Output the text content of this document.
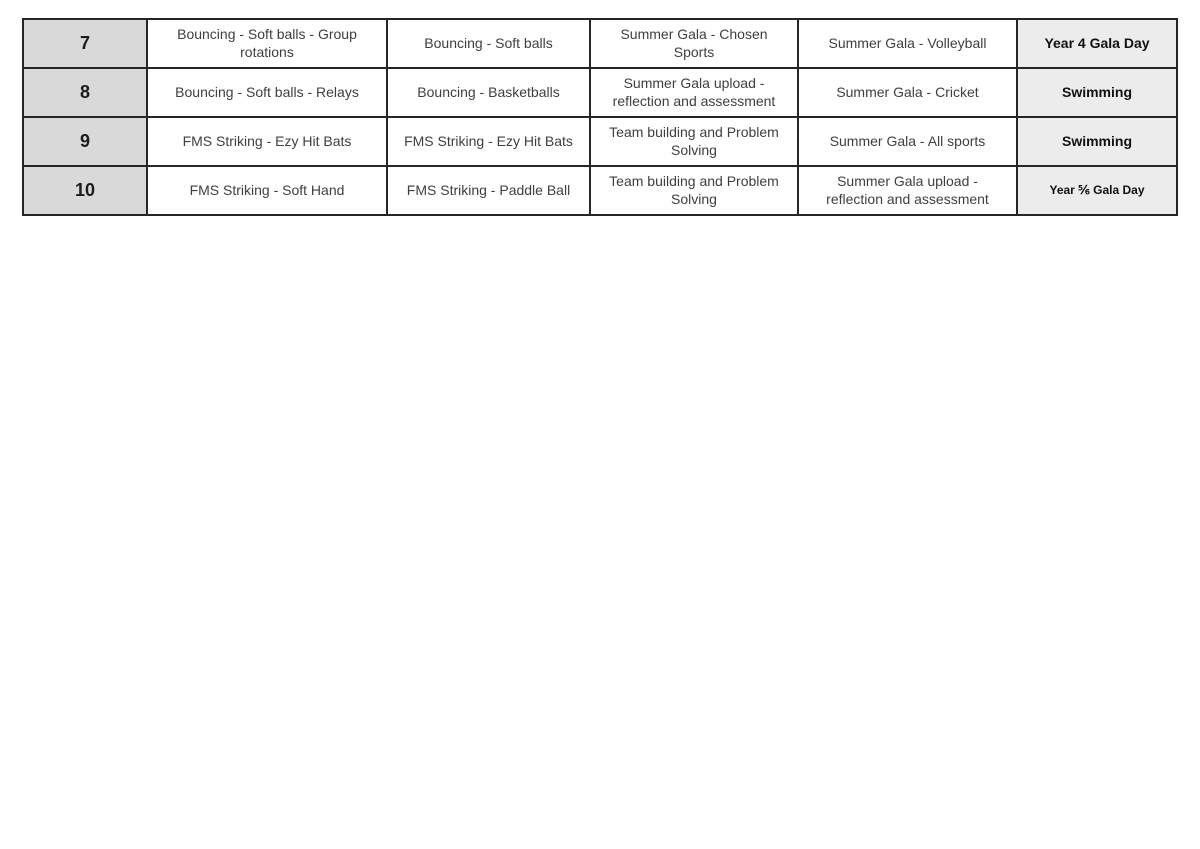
7	Bouncing - Soft balls - Group rotations	Bouncing - Soft balls	Summer Gala - Chosen Sports	Summer Gala - Volleyball	Year 4 Gala Day
8	Bouncing - Soft balls - Relays	Bouncing - Basketballs	Summer Gala upload - reflection and assessment	Summer Gala - Cricket	Swimming
9	FMS Striking - Ezy Hit Bats	FMS Striking - Ezy Hit Bats	Team building and Problem Solving	Summer Gala - All sports	Swimming
10	FMS Striking - Soft Hand	FMS Striking - Paddle Ball	Team building and Problem Solving	Summer Gala upload - reflection and assessment	Year ⅚ Gala Day
